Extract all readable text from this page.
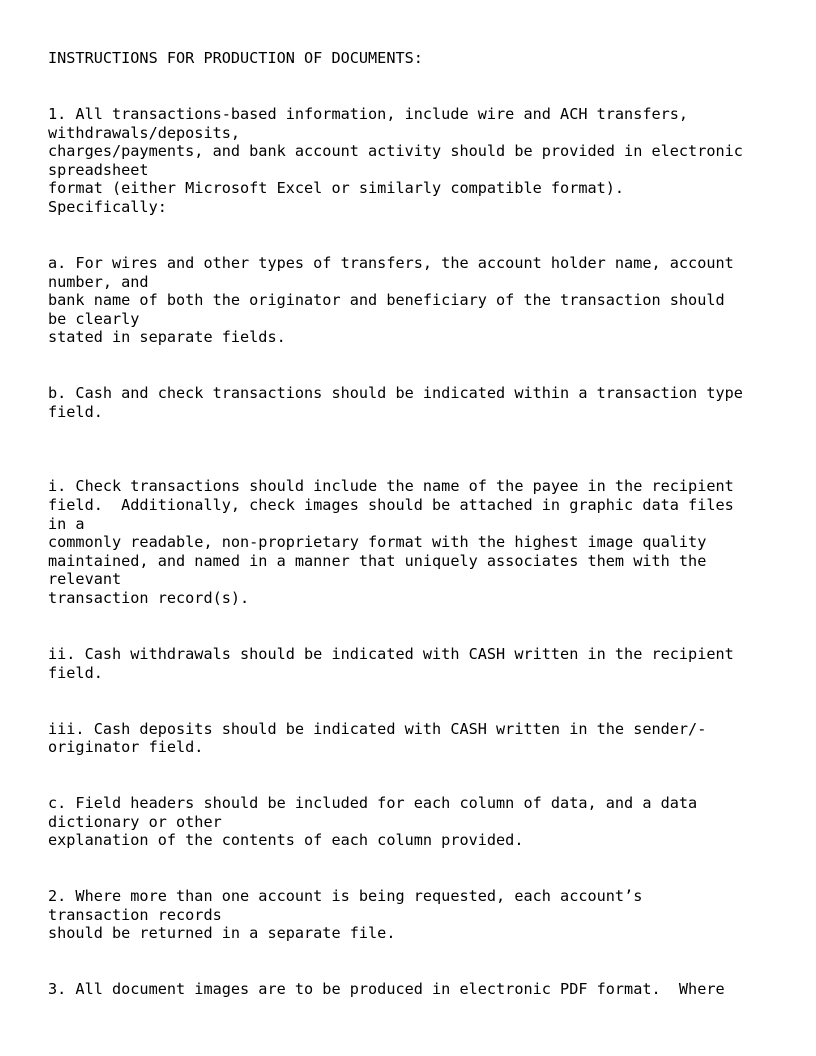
INSTRUCTIONS FOR PRODUCTION OF DOCUMENTS:
1. All transactions-based information, include wire and ACH transfers,
withdrawals/deposits,
charges/payments, and bank account activity should be provided in electronic
spreadsheet
format (either Microsoft Excel or similarly compatible format).
Specifically:
a. For wires and other types of transfers, the account holder name, account
number, and
bank name of both the originator and beneficiary of the transaction should
be clearly
stated in separate fields.
b. Cash and check transactions should be indicated within a transaction type
field.
i. Check transactions should include the name of the payee in the recipient
field.  Additionally, check images should be attached in graphic data files
in a
commonly readable, non-proprietary format with the highest image quality
maintained, and named in a manner that uniquely associates them with the
relevant
transaction record(s).
ii. Cash withdrawals should be indicated with CASH written in the recipient
field.
iii. Cash deposits should be indicated with CASH written in the sender/-
originator field.
c. Field headers should be included for each column of data, and a data
dictionary or other
explanation of the contents of each column provided.
2. Where more than one account is being requested, each account’s
transaction records
should be returned in a separate file.
3. All document images are to be produced in electronic PDF format.  Where
